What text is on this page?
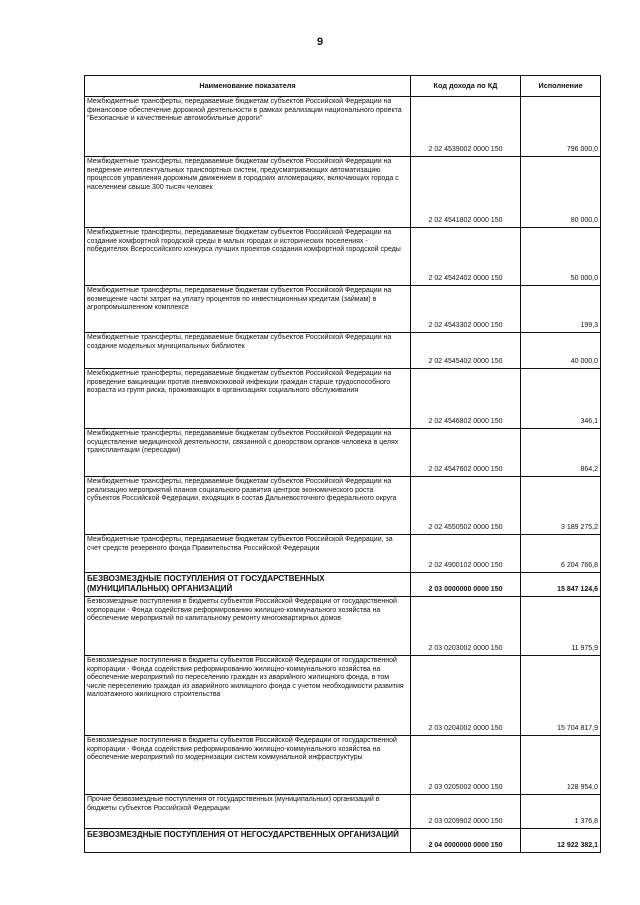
9
Наименование показателя	Код дохода по КД	Исполнение
Межбюджетные трансферты, передаваемые бюджетам субъектов Российской Федерации на финансовое обеспечение дорожной деятельности в рамках реализации национального проекта "Безопасные и качественные автомобильные дороги"	2 02 4539002 0000 150	796 000,0
Межбюджетные трансферты, передаваемые бюджетам субъектов Российской Федерации на внедрение интеллектуальных транспортных систем, предусматривающих автоматизацию процессов управления дорожным движением в городских агломерациях, включающих города с населением свыше 300 тысяч человек	2 02 4541802 0000 150	80 000,0
Межбюджетные трансферты, передаваемые бюджетам субъектов Российской Федерации на создание комфортной городской среды в малых городах и исторических поселениях - победителях Всероссийского конкурса лучших проектов создания комфортной городской среды	2 02 4542402 0000 150	50 000,0
Межбюджетные трансферты, передаваемые бюджетам субъектов Российской Федерации на возмещение части затрат на уплату процентов по инвестиционным кредитам (займам) в агропромышленном комплексе	2 02 4543302 0000 150	199,3
Межбюджетные трансферты, передаваемые бюджетам субъектов Российской Федерации на создание модельных муниципальных библиотек	2 02 4545402 0000 150	40 000,0
Межбюджетные трансферты, передаваемые бюджетам субъектов Российской Федерации на проведение вакцинации против пневмококковой инфекции граждан старше трудоспособного возраста из групп риска, проживающих в организациях социального обслуживания	2 02 4546802 0000 150	346,1
Межбюджетные трансферты, передаваемые бюджетам субъектов Российской Федерации на осуществление медицинской деятельности, связанной с донорством органов человека в целях трансплантации (пересадки)	2 02 4547602 0000 150	864,2
Межбюджетные трансферты, передаваемые бюджетам субъектов Российской Федерации на реализацию мероприятий планов социального развития центров экономического роста субъектов Российской Федерации, входящих в состав Дальневосточного федерального округа	2 02 4550502 0000 150	3 189 275,2
Межбюджетные трансферты, передаваемые бюджетам субъектов Российской Федерации, за счет средств резервного фонда Правительства Российской Федерации	2 02 4900102 0000 150	6 204 766,8
БЕЗВОЗМЕЗДНЫЕ ПОСТУПЛЕНИЯ ОТ ГОСУДАРСТВЕННЫХ (МУНИЦИПАЛЬНЫХ) ОРГАНИЗАЦИЙ	2 03 0000000 0000 150	15 847 124,6
Безвозмездные поступления в бюджеты субъектов Российской Федерации от государственной корпорации - Фонда содействия реформированию жилищно-коммунального хозяйства на обеспечение мероприятий по капитальному ремонту многоквартирных домов	2 03 0203002 0000 150	11 975,9
Безвозмездные поступления в бюджеты субъектов Российской Федерации от государственной корпорации - Фонда содействия реформированию жилищно-коммунального хозяйства на обеспечение мероприятий по переселению граждан из аварийного жилищного фонда, в том числе переселению граждан из аварийного жилищного фонда с учетом необходимости развития малоэтажного жилищного строительства	2 03 0204002 0000 150	15 704 817,9
Безвозмездные поступления в бюджеты субъектов Российской Федерации от государственной корпорации - Фонда содействия реформированию жилищно-коммунального хозяйства на обеспечение мероприятий по модернизации систем коммунальной инфраструктуры	2 03 0205002 0000 150	128 954,0
Прочие безвозмездные поступления от государственных (муниципальных) организаций в бюджеты субъектов Российской Федерации	2 03 0209902 0000 150	1 376,8
БЕЗВОЗМЕЗДНЫЕ ПОСТУПЛЕНИЯ ОТ НЕГОСУДАРСТВЕННЫХ ОРГАНИЗАЦИЙ	2 04 0000000 0000 150	12 922 382,1
